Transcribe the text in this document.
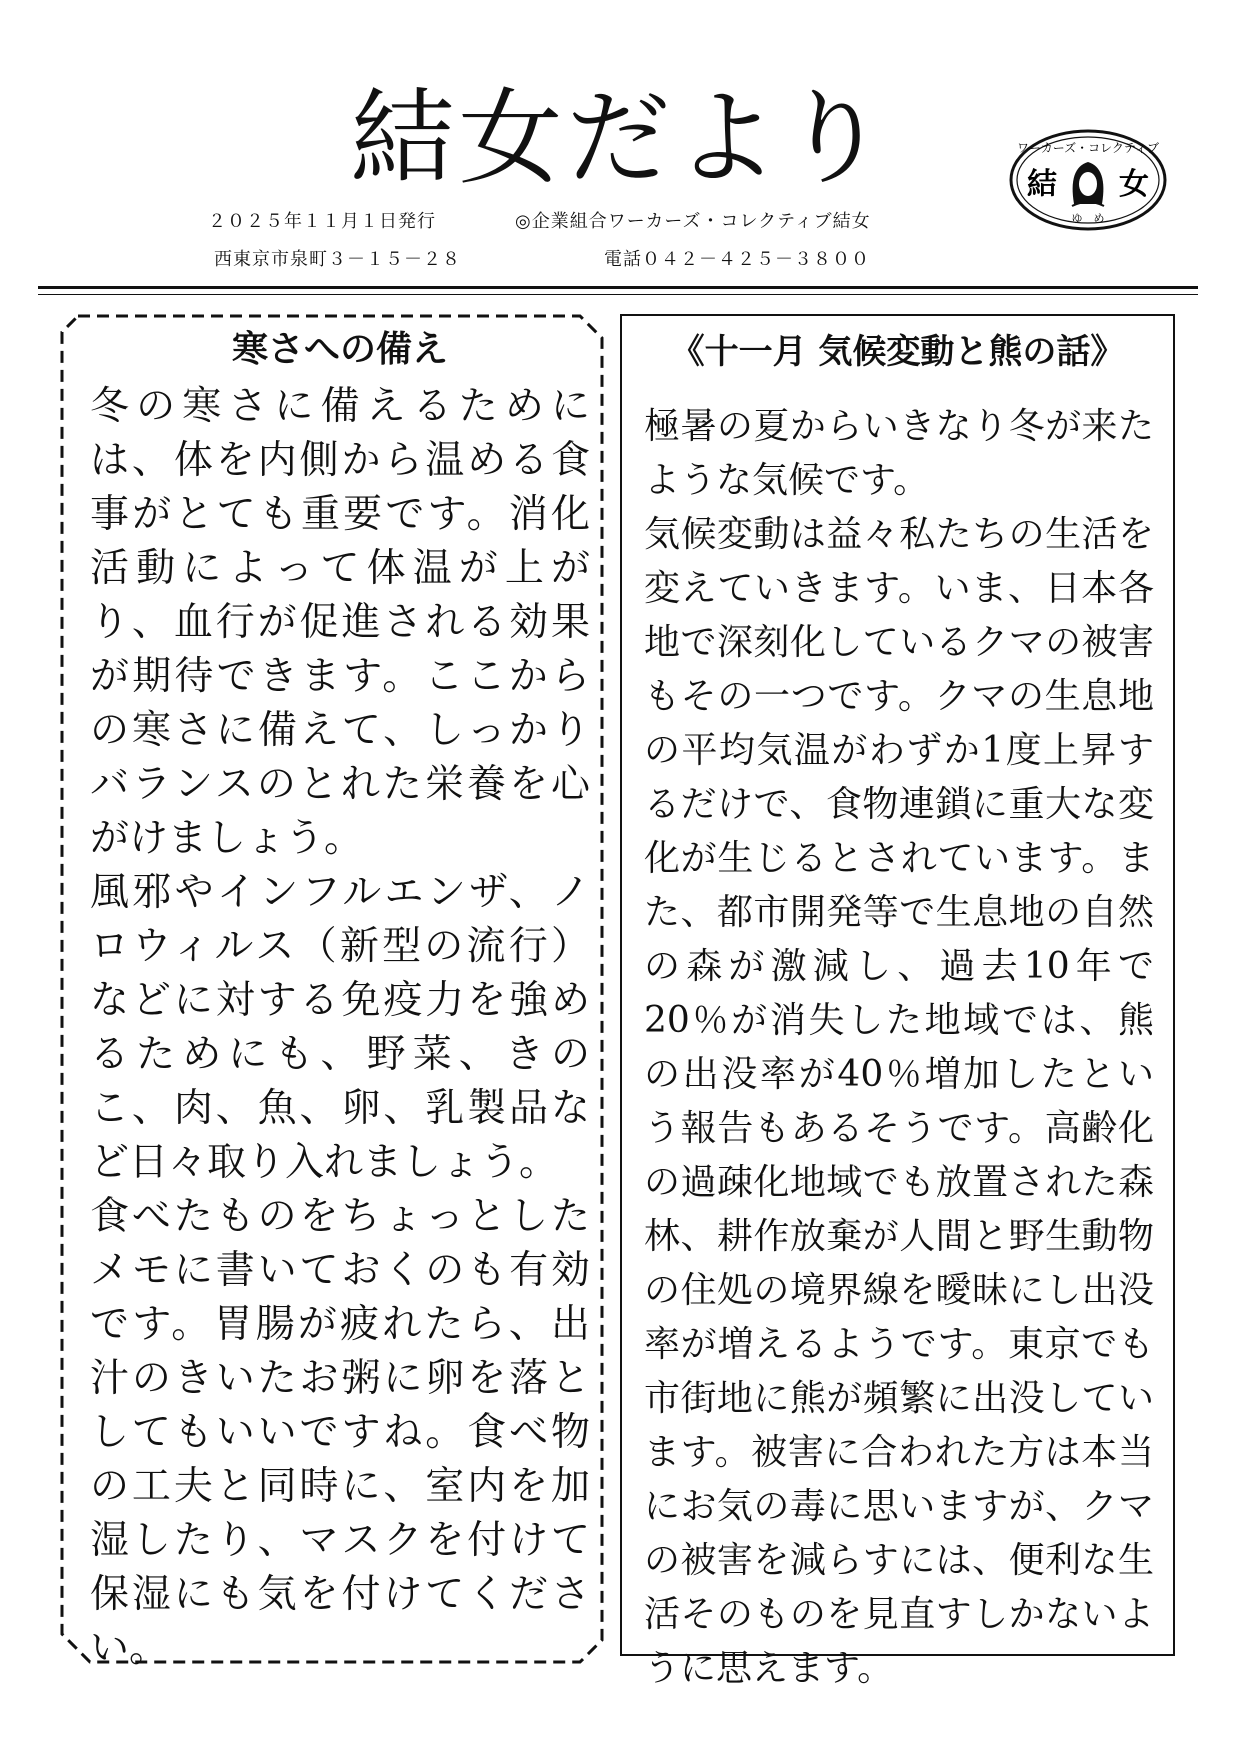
結女だより	ワーカーズ・コレクティブ
結 女
ゆ　め
２０２５年１１月１日発行	◎企業組合ワーカーズ・コレクティブ結女
西東京市泉町３－１５－２８	電話０４２－４２５－３８００
寒さへの備え

冬の寒さに備えるためには、体を内側から温める食事がとても重要です。消化活動によって体温が上がり、血行が促進される効果が期待できます。ここからの寒さに備えて、しっかりバランスのとれた栄養を心がけましょう。

風邪やインフルエンザ、ノロウィルス（新型の流行）などに対する免疫力を強めるためにも、野菜、きのこ、肉、魚、卵、乳製品など日々取り入れましょう。

食べたものをちょっとしたメモに書いておくのも有効です。胃腸が疲れたら、出汁のきいたお粥に卵を落としてもいいですね。食べ物の工夫と同時に、室内を加湿したり、マスクを付けて保湿にも気を付けてください。

《十一月 気候変動と熊の話》

極暑の夏からいきなり冬が来たような気候です。

気候変動は益々私たちの生活を変えていきます。いま、日本各地で深刻化しているクマの被害もその一つです。クマの生息地の平均気温がわずか1度上昇するだけで、食物連鎖に重大な変化が生じるとされています。また、都市開発等で生息地の自然の森が激減し、過去10年で20％が消失した地域では、熊の出没率が40％増加したという報告もあるそうです。高齢化の過疎化地域でも放置された森林、耕作放棄が人間と野生動物の住処の境界線を曖昧にし出没率が増えるようです。東京でも市街地に熊が頻繁に出没しています。被害に合われた方は本当にお気の毒に思いますが、クマの被害を減らすには、便利な生活そのものを見直すしかないように思えます。
